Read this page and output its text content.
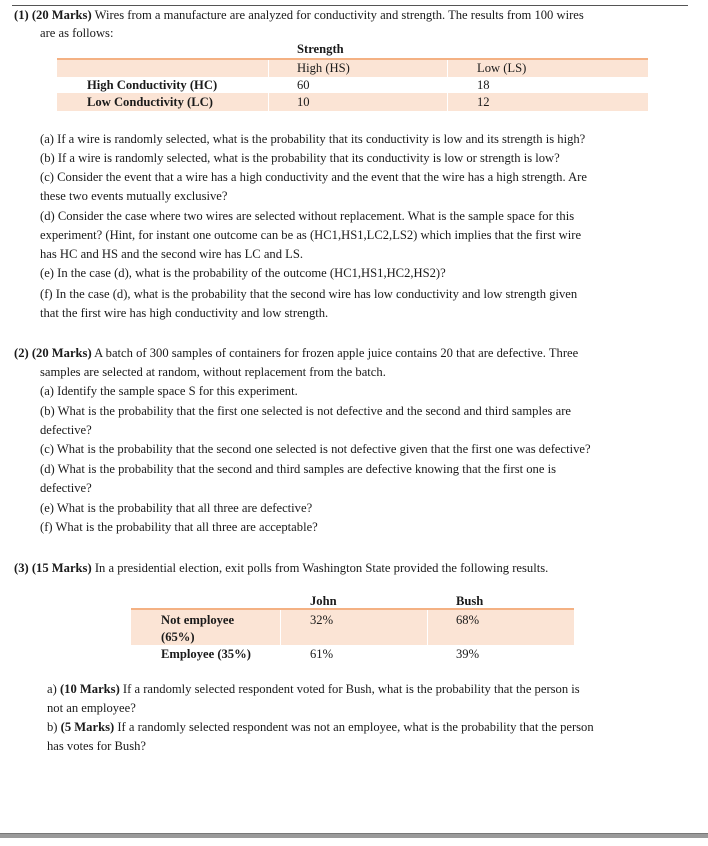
(1) (20 Marks) Wires from a manufacture are analyzed for conductivity and strength. The results from 100 wires
are as follows:
Strength
High (HS)	Low (LS)
High Conductivity (HC)	60	18
Low Conductivity (LC)	10	12
(a) If a wire is randomly selected, what is the probability that its conductivity is low and its strength is high?
(b) If a wire is randomly selected, what is the probability that its conductivity is low or strength is low?
(c) Consider the event that a wire has a high conductivity and the event that the wire has a high strength. Are
these two events mutually exclusive?
(d) Consider the case where two wires are selected without replacement. What is the sample space for this
experiment? (Hint, for instant one outcome can be as (HC1,HS1,LC2,LS2) which implies that the first wire
has HC and HS and the second wire has LC and LS.
(e) In the case (d), what is the probability of the outcome (HC1,HS1,HC2,HS2)?
(f) In the case (d), what is the probability that the second wire has low conductivity and low strength given
that the first wire has high conductivity and low strength.
(2) (20 Marks) A batch of 300 samples of containers for frozen apple juice contains 20 that are defective. Three
samples are selected at random, without replacement from the batch.
(a) Identify the sample space S for this experiment.
(b) What is the probability that the first one selected is not defective and the second and third samples are
defective?
(c) What is the probability that the second one selected is not defective given that the first one was defective?
(d) What is the probability that the second and third samples are defective knowing that the first one is
defective?
(e) What is the probability that all three are defective?
(f) What is the probability that all three are acceptable?
(3) (15 Marks) In a presidential election, exit polls from Washington State provided the following results.
John	Bush
Not employee
(65%)
32%	68%
Employee (35%)	61%	39%
a) (10 Marks) If a randomly selected respondent voted for Bush, what is the probability that the person is
not an employee?
b) (5 Marks) If a randomly selected respondent was not an employee, what is the probability that the person
has votes for Bush?
